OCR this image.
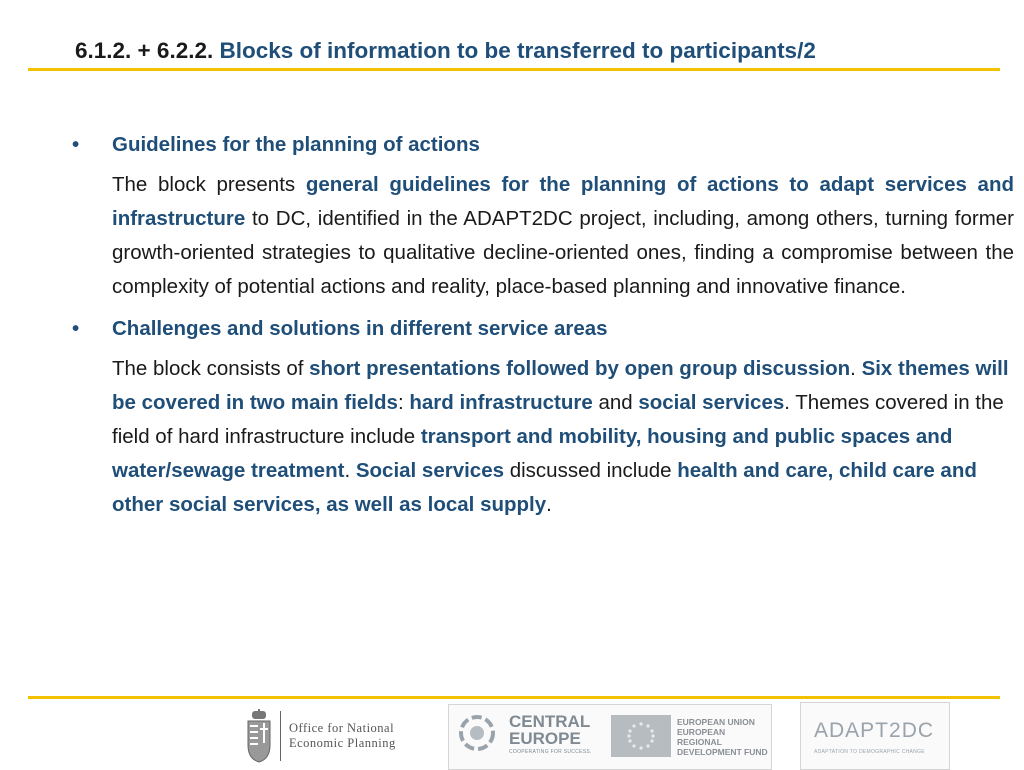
6.1.2. + 6.2.2. Blocks of information to be transferred to participants/2
• Guidelines for the planning of actions
The block presents general guidelines for the planning of actions to adapt services and infrastructure to DC, identified in the ADAPT2DC project, including, among others, turning former growth-oriented strategies to qualitative decline-oriented ones, finding a compromise between the complexity of potential actions and reality, place-based planning and innovative finance.
• Challenges and solutions in different service areas
The block consists of short presentations followed by open group discussion. Six themes will be covered in two main fields: hard infrastructure and social services. Themes covered in the field of hard infrastructure include transport and mobility, housing and public spaces and water/sewage treatment. Social services discussed include health and care, child care and other social services, as well as local supply.
Office for National
Economic Planning
CENTRAL
EUROPE
COOPERATING FOR SUCCESS.
EUROPEAN UNION
EUROPEAN REGIONAL
DEVELOPMENT FUND
ADAPT2DC
ADAPTATION TO DEMOGRAPHIC CHANGE
